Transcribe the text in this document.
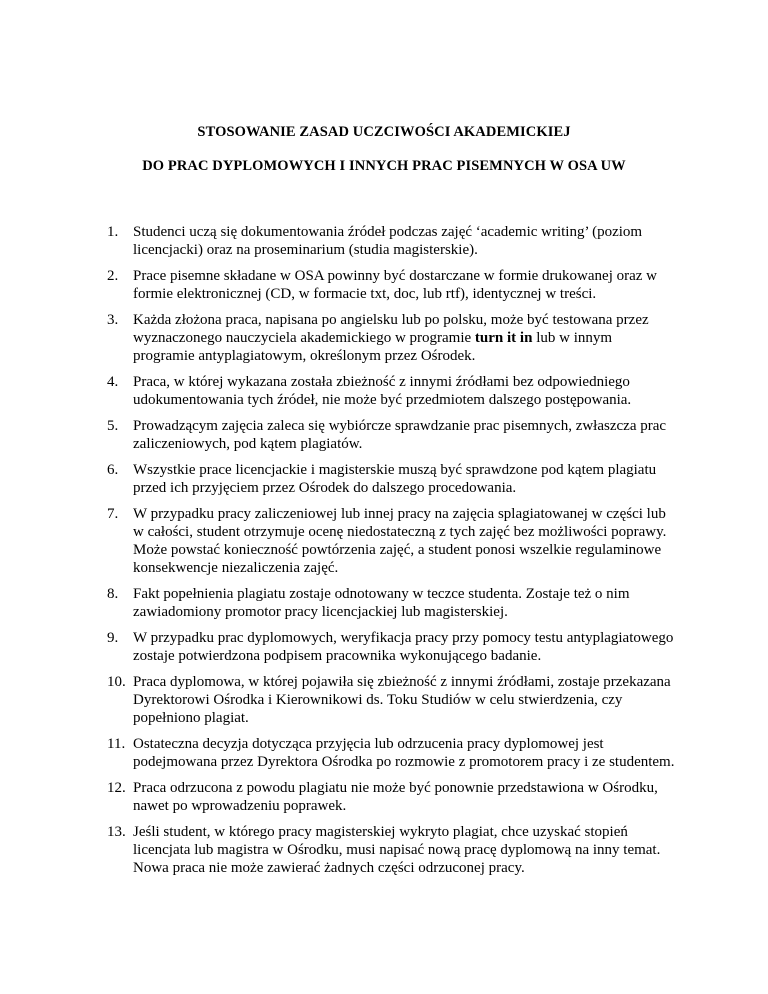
STOSOWANIE ZASAD UCZCIWOŚCI AKADEMICKIEJ
DO PRAC DYPLOMOWYCH I INNYCH PRAC PISEMNYCH W OSA UW
1. Studenci uczą się dokumentowania źródeł podczas zajęć ‘academic writing’ (poziom
licencjacki) oraz na proseminarium (studia magisterskie).
2. Prace pisemne składane w OSA powinny być dostarczane w formie drukowanej oraz w
formie elektronicznej (CD, w formacie txt, doc, lub rtf), identycznej w treści.
3. Każda złożona praca, napisana po angielsku lub po polsku, może być testowana przez
wyznaczonego nauczyciela akademickiego w programie turn it in lub w innym
programie antyplagiatowym, określonym przez Ośrodek.
4. Praca, w której wykazana została zbieżność z innymi źródłami bez odpowiedniego
udokumentowania tych źródeł, nie może być przedmiotem dalszego postępowania.
5. Prowadzącym zajęcia zaleca się wybiórcze sprawdzanie prac pisemnych, zwłaszcza prac
zaliczeniowych, pod kątem plagiatów.
6. Wszystkie prace licencjackie i magisterskie muszą być sprawdzone pod kątem plagiatu
przed ich przyjęciem przez Ośrodek do dalszego procedowania.
7. W przypadku pracy zaliczeniowej lub innej pracy na zajęcia splagiatowanej w części lub
w całości, student otrzymuje ocenę niedostateczną z tych zajęć bez możliwości poprawy.
Może powstać konieczność powtórzenia zajęć, a student ponosi wszelkie regulaminowe
konsekwencje niezaliczenia zajęć.
8. Fakt popełnienia plagiatu zostaje odnotowany w teczce studenta. Zostaje też o nim
zawiadomiony promotor pracy licencjackiej lub magisterskiej.
9. W przypadku prac dyplomowych, weryfikacja pracy przy pomocy testu antyplagiatowego
zostaje potwierdzona podpisem pracownika wykonującego badanie.
10. Praca dyplomowa, w której pojawiła się zbieżność z innymi źródłami, zostaje przekazana
Dyrektorowi Ośrodka i Kierownikowi ds. Toku Studiów w celu stwierdzenia, czy
popełniono plagiat.
11. Ostateczna decyzja dotycząca przyjęcia lub odrzucenia pracy dyplomowej jest
podejmowana przez Dyrektora Ośrodka po rozmowie z promotorem pracy i ze studentem.
12. Praca odrzucona z powodu plagiatu nie może być ponownie przedstawiona w Ośrodku,
nawet po wprowadzeniu poprawek.
13. Jeśli student, w którego pracy magisterskiej wykryto plagiat, chce uzyskać stopień
licencjata lub magistra w Ośrodku, musi napisać nową pracę dyplomową na inny temat.
Nowa praca nie może zawierać żadnych części odrzuconej pracy.
